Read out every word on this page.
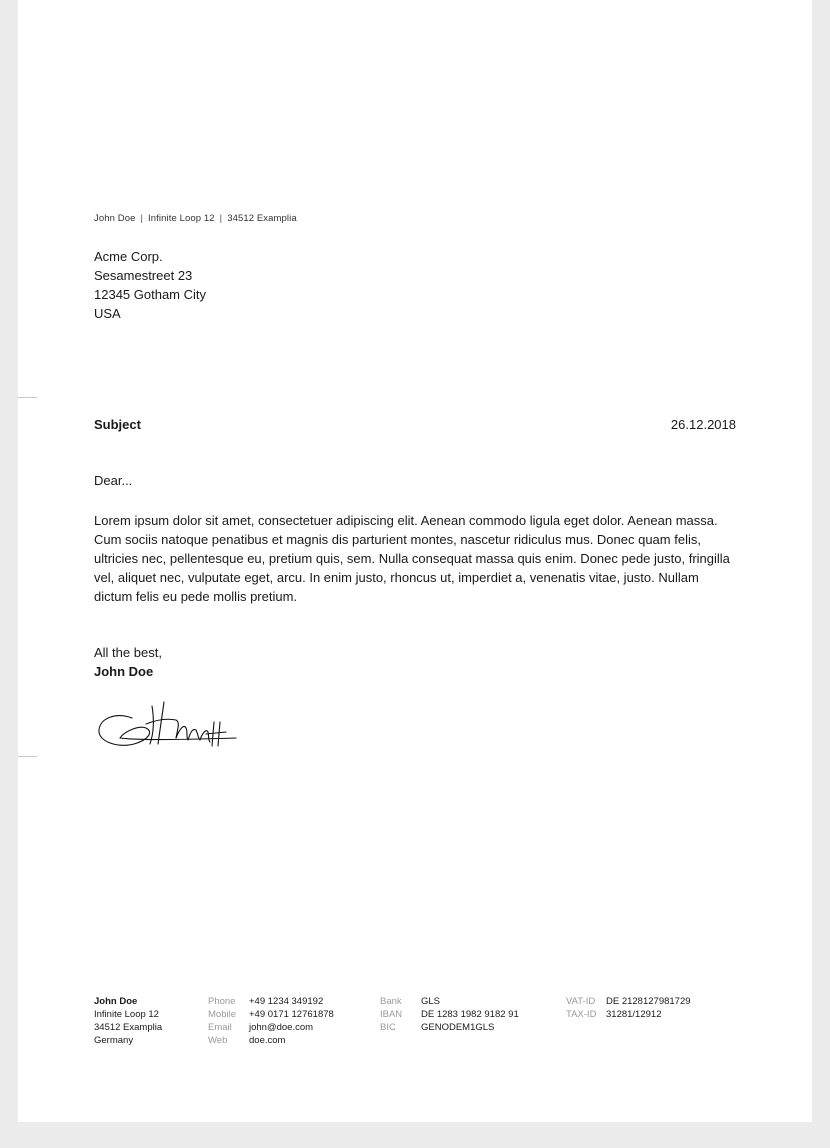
John Doe | Infinite Loop 12 | 34512 Examplia
Acme Corp.
Sesamestreet 23
12345 Gotham City
USA
Subject	26.12.2018
Dear...
Lorem ipsum dolor sit amet, consectetuer adipiscing elit. Aenean commodo ligula eget dolor. Aenean massa. Cum sociis natoque penatibus et magnis dis parturient montes, nascetur ridiculus mus. Donec quam felis, ultricies nec, pellentesque eu, pretium quis, sem. Nulla consequat massa quis enim. Donec pede justo, fringilla vel, aliquet nec, vulputate eget, arcu. In enim justo, rhoncus ut, imperdiet a, venenatis vitae, justo. Nullam dictum felis eu pede mollis pretium.
All the best,
John Doe
John Doe
Infinite Loop 12
34512 Examplia
Germany
Phone	+49 1234 349192
Mobile	+49 0171 12761878
Email	john@doe.com
Web	doe.com
Bank	GLS
IBAN	DE 1283 1982 9182 91
BIC	GENODEM1GLS
VAT-ID	DE 2128127981729
TAX-ID	31281/12912
